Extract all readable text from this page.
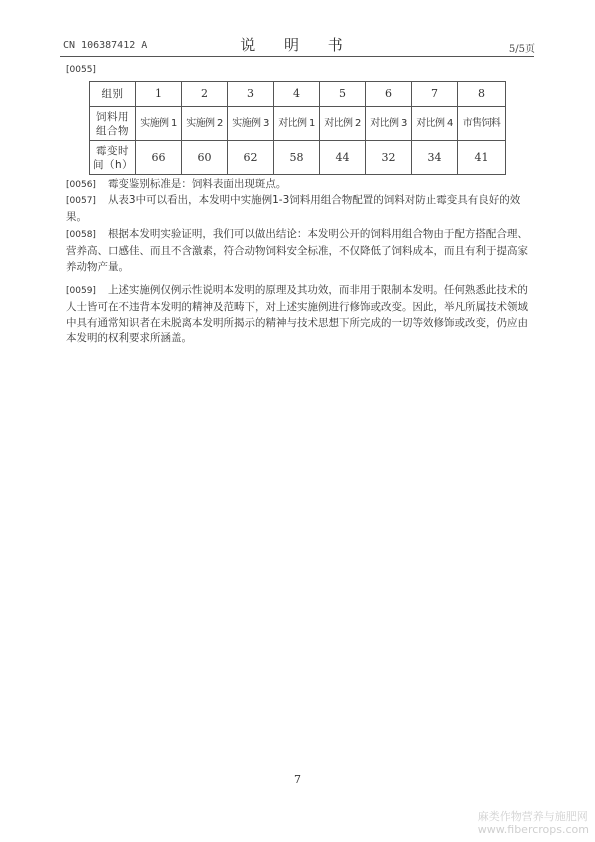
CN 106387412 A	说 明 书	5/5页
[0055]
组别	1	2	3	4	5	6	7	8
饲料用组合物	实施例 1	实施例 2	实施例 3	对比例 1	对比例 2	对比例 3	对比例 4	市售饲料
霉变时间（h）	66	60	62	58	44	32	34	41
[0056] 霉变鉴别标准是：饲料表面出现斑点。
[0057] 从表3中可以看出，本发明中实施例1-3饲料用组合物配置的饲料对防止霉变具有良好的效果。
[0058] 根据本发明实验证明，我们可以做出结论：本发明公开的饲料用组合物由于配方搭配合理、营养高、口感佳、而且不含激素，符合动物饲料安全标准，不仅降低了饲料成本，而且有利于提高家养动物产量。
[0059] 上述实施例仅例示性说明本发明的原理及其功效，而非用于限制本发明。任何熟悉此技术的人士皆可在不违背本发明的精神及范畴下，对上述实施例进行修饰或改变。因此，举凡所属技术领域中具有通常知识者在未脱离本发明所揭示的精神与技术思想下所完成的一切等效修饰或改变，仍应由本发明的权利要求所涵盖。
7
麻类作物营养与施肥网
www.fibercrops.com
